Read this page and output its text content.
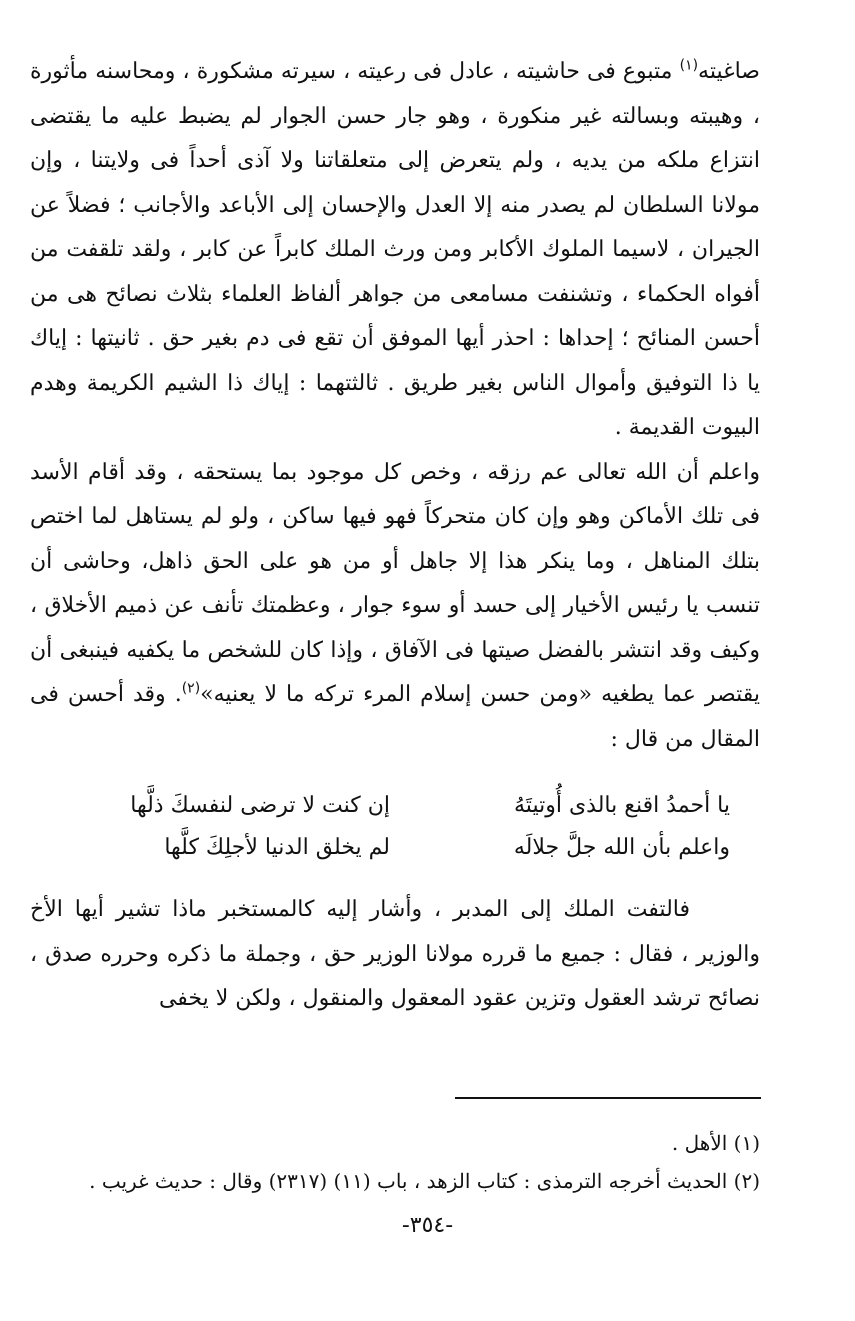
صاغيته$^{(١)}$ متبوع فى حاشيته ، عادل فى رعيته ، سيرته مشكورة ، ومحاسنه مأثورة ، وهيبته وبسالته غير منكورة ، وهو جار حسن الجوار لم يضبط عليه ما يقتضى انتزاع ملكه من يديه ، ولم يتعرض إلى متعلقاتنا ولا آذى أحداً فى ولايتنا ، وإن مولانا السلطان لم يصدر منه إلا العدل والإحسان إلى الأباعد والأجانب ؛ فضلاً عن الجيران ، لاسيما الملوك الأكابر ومن ورث الملك كابراً عن كابر ، ولقد تلقفت من أفواه الحكماء ، وتشنفت مسامعى من جواهر ألفاظ العلماء بثلاث نصائح هى من أحسن المنائح ؛ إحداها : احذر أيها الموفق أن تقع فى دم بغير حق . ثانيتها : إياك يا ذا التوفيق وأموال الناس بغير طريق . ثالثتهما : إياك ذا الشيم الكريمة وهدم البيوت القديمة .

واعلم أن الله تعالى عم رزقه ، وخص كل موجود بما يستحقه ، وقد أقام الأسد فى تلك الأماكن وهو وإن كان متحركاً فهو فيها ساكن ، ولو لم يستاهل لما اختص بتلك المناهل ، وما ينكر هذا إلا جاهل أو من هو على الحق ذاهل، وحاشى أن تنسب يا رئيس الأخيار إلى حسد أو سوء جوار ، وعظمتك تأنف عن ذميم الأخلاق ، وكيف وقد انتشر بالفضل صيتها فى الآفاق ، وإذا كان للشخص ما يكفيه فينبغى أن يقتصر عما يطغيه «ومن حسن إسلام المرء تركه ما لا يعنيه»$^{(٢)}$. وقد أحسن فى المقال من قال :

يا أحمدُ اقنع بالذى أُوتيتَهُ
إن كنت لا ترضى لنفسكَ ذلَّها
واعلم بأن الله جلَّ جلالَه
لم يخلق الدنيا لأجلِكَ كلَّها

فالتفت الملك إلى المدبر ، وأشار إليه كالمستخبر ماذا تشير أيها الأخ والوزير ، فقال : جميع ما قرره مولانا الوزير حق ، وجملة ما ذكره وحرره صدق ، نصائح ترشد العقول وتزين عقود المعقول والمنقول ، ولكن لا يخفى

(١) الأهل .
(٢) الحديث أخرجه الترمذى : كتاب الزهد ، باب (١١) (٢٣١٧) وقال : حديث غريب .
-٣٥٤-
